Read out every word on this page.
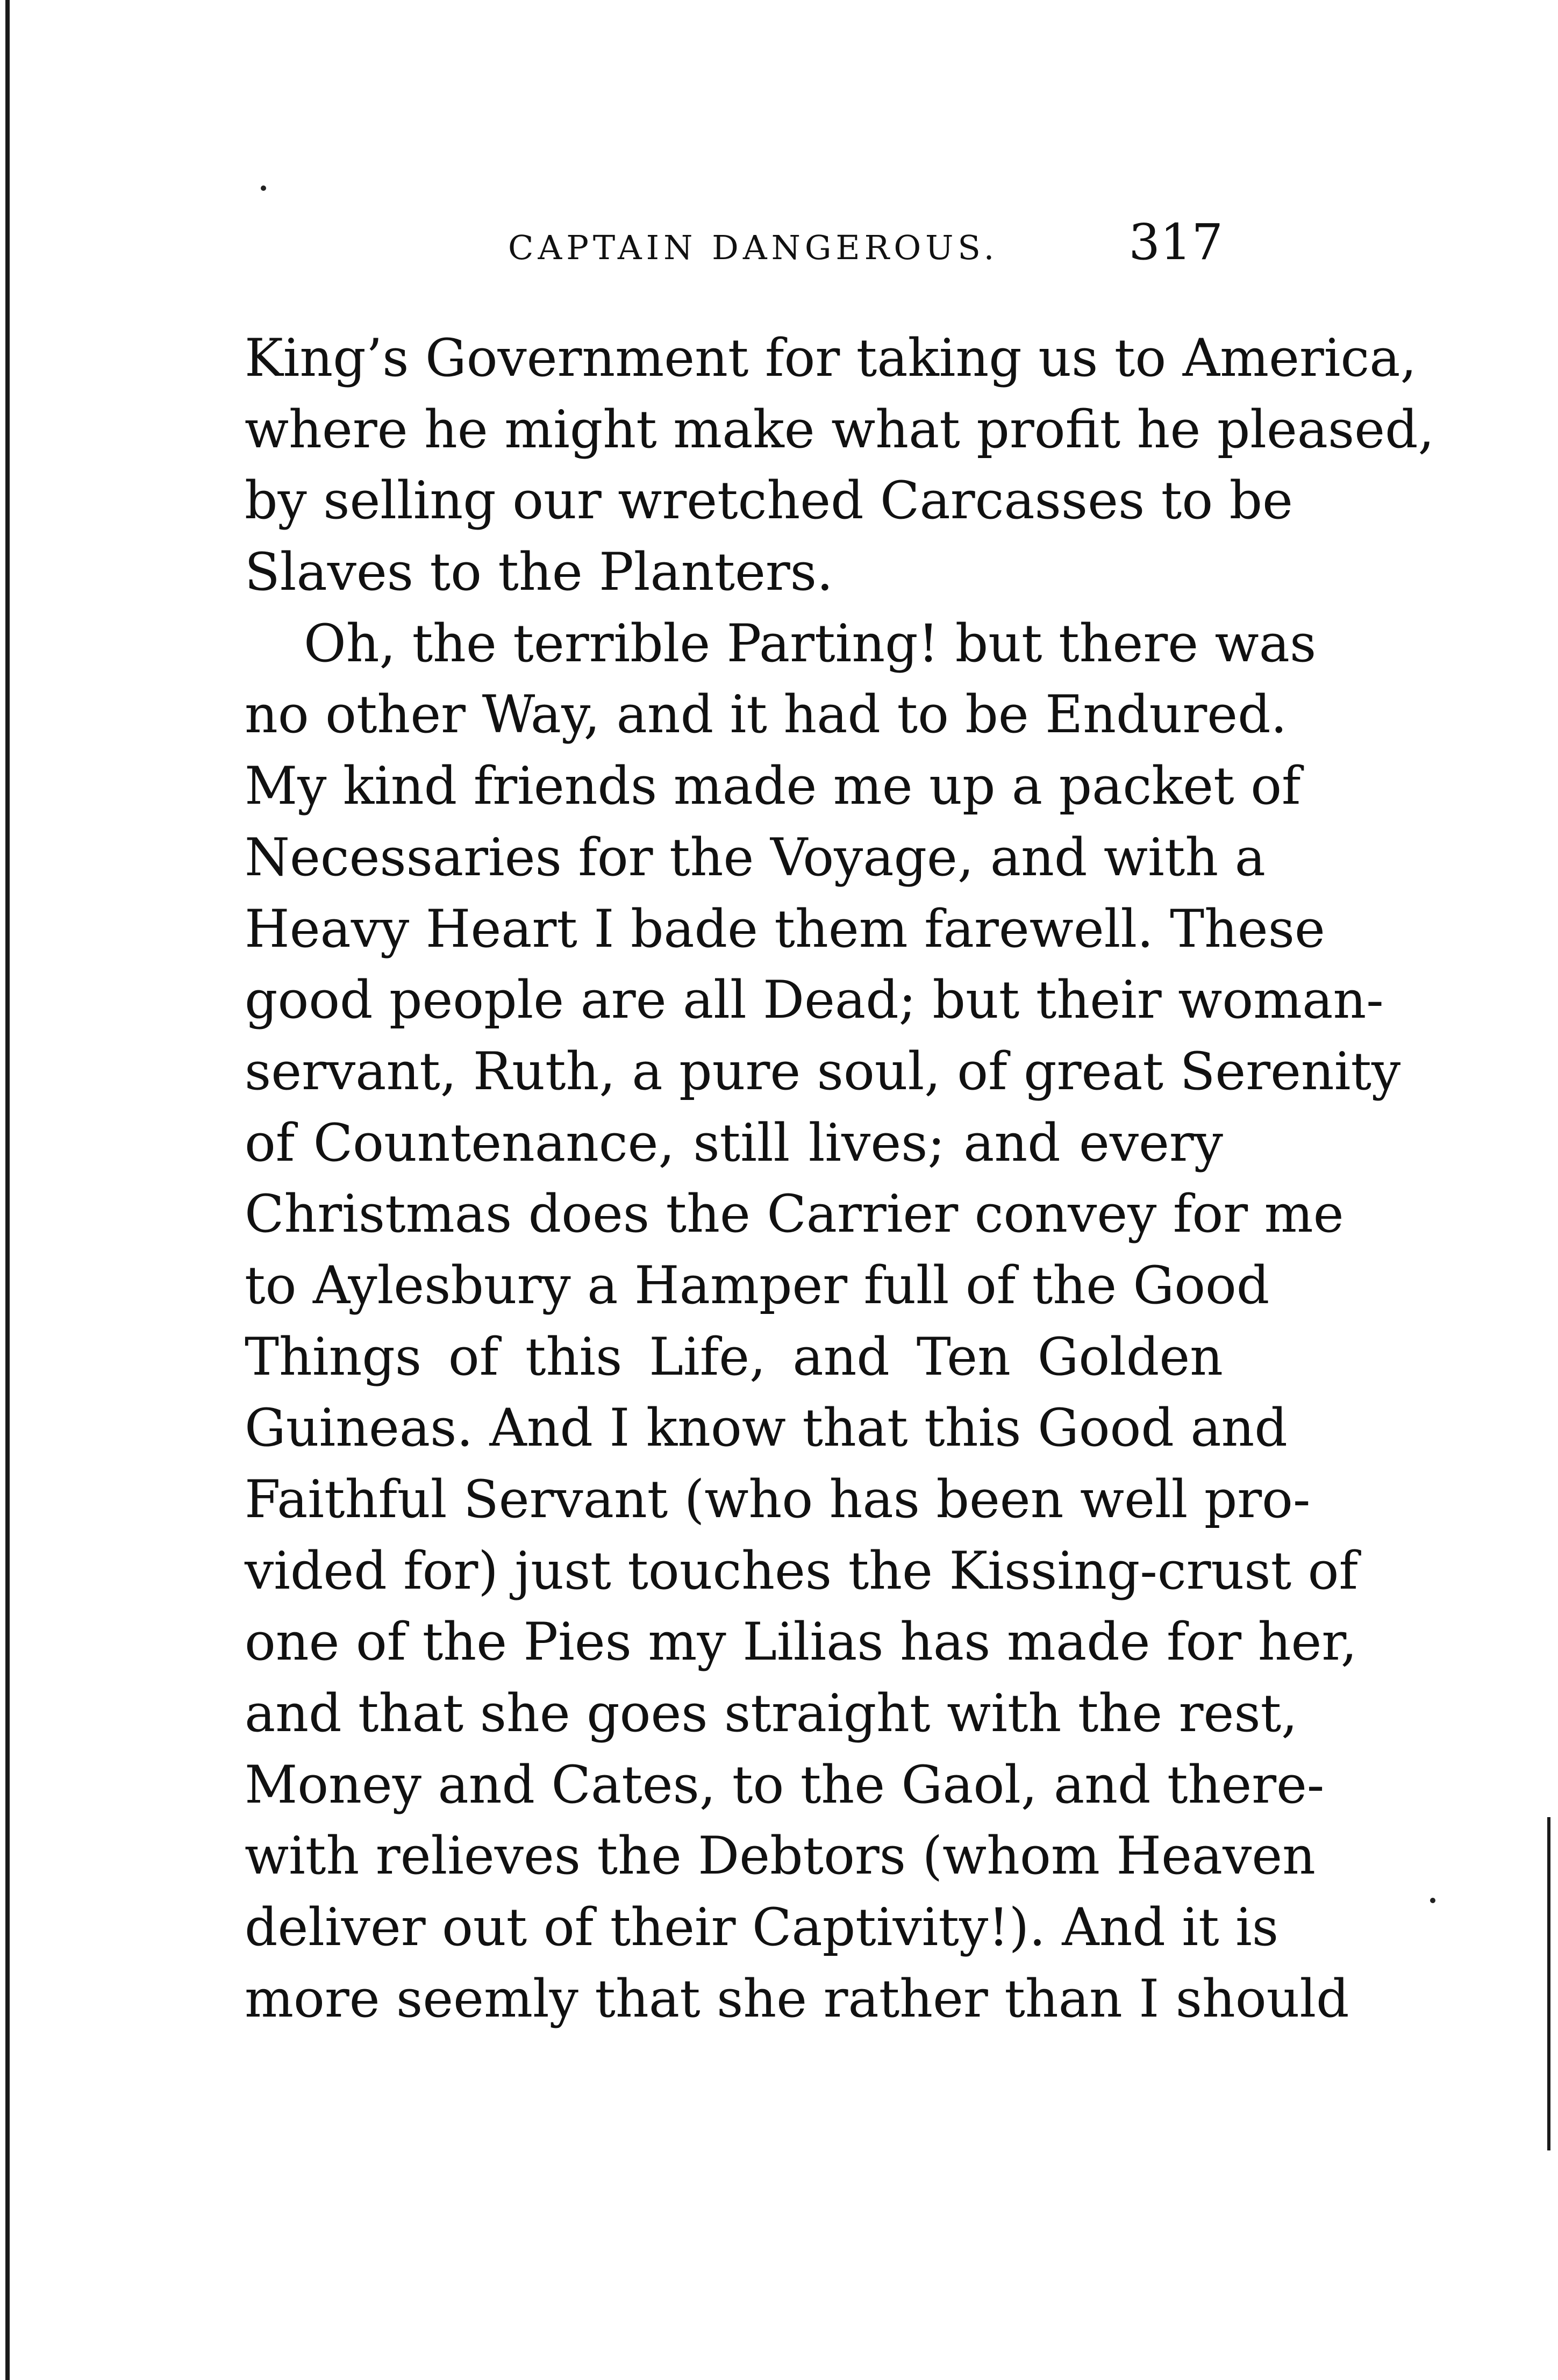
CAPTAIN DANGEROUS.	317
King’s Government for taking us to America,
where he might make what profit he pleased,
by selling our wretched Carcasses to be
Slaves to the Planters.
Oh, the terrible Parting! but there was
no other Way, and it had to be Endured.
My kind friends made me up a packet of
Necessaries for the Voyage, and with a
Heavy Heart I bade them farewell. These
good people are all Dead; but their woman-
servant, Ruth, a pure soul, of great Serenity
of Countenance, still lives; and every
Christmas does the Carrier convey for me
to Aylesbury a Hamper full of the Good
Things of this Life, and Ten Golden
Guineas. And I know that this Good and
Faithful Servant (who has been well pro-
vided for) just touches the Kissing-crust of
one of the Pies my Lilias has made for her,
and that she goes straight with the rest,
Money and Cates, to the Gaol, and there-
with relieves the Debtors (whom Heaven
deliver out of their Captivity!). And it is
more seemly that she rather than I should
